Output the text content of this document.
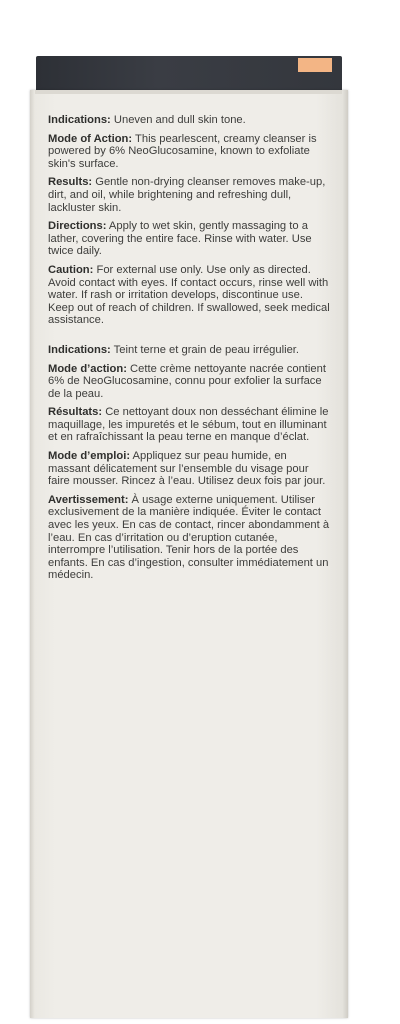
Indications: Uneven and dull skin tone.

Mode of Action: This pearlescent, creamy cleanser is powered by 6% NeoGlucosamine, known to exfoliate skin's surface.

Results: Gentle non-drying cleanser removes make-up, dirt, and oil, while brightening and refreshing dull, lackluster skin.

Directions: Apply to wet skin, gently massaging to a lather, covering the entire face. Rinse with water. Use twice daily.

Caution: For external use only. Use only as directed. Avoid contact with eyes. If contact occurs, rinse well with water. If rash or irritation develops, discontinue use. Keep out of reach of children. If swallowed, seek medical assistance.

Indications: Teint terne et grain de peau irrégulier.

Mode d’action: Cette crème nettoyante nacrée contient 6% de NeoGlucosamine, connu pour exfolier la surface de la peau.

Résultats: Ce nettoyant doux non desséchant élimine le maquillage, les impuretés et le sébum, tout en illuminant et en rafraîchissant la peau terne en manque d’éclat.

Mode d’emploi: Appliquez sur peau humide, en massant délicatement sur l’ensemble du visage pour faire mousser. Rincez à l’eau. Utilisez deux fois par jour.

Avertissement: À usage externe uniquement. Utiliser exclusivement de la manière indiquée. Éviter le contact avec les yeux. En cas de contact, rincer abondamment à l’eau. En cas d’irritation ou d’eruption cutanée, interrompre l’utilisation. Tenir hors de la portée des enfants. En cas d’ingestion, consulter immédiatement un médecin.
